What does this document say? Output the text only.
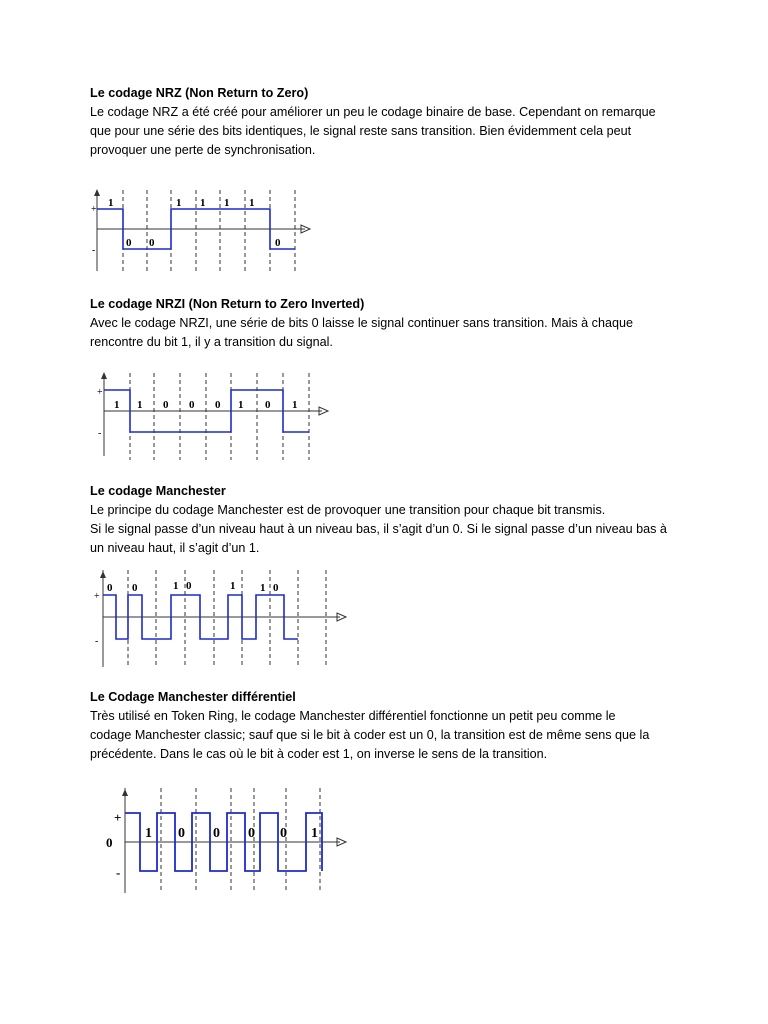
Le codage NRZ (Non Return to Zero)

Le codage NRZ a été créé pour améliorer un peu le codage binaire de base. Cependant on remarque
que pour une série des bits identiques, le signal reste sans transition. Bien évidemment cela peut
provoquer une perte de synchronisation.

+
-
1
0 0
1 1 1 1
0
Le codage NRZI (Non Return to Zero Inverted)

Avec le codage NRZI, une série de bits 0 laisse le signal continuer sans transition. Mais à chaque
rencontre du bit 1, il y a transition du signal.

+
-
1 1 0 0 0 1 0 1
Le codage Manchester

Le principe du codage Manchester est de provoquer une transition pour chaque bit transmis.
Si le signal passe d’un niveau haut à un niveau bas, il s’agit d’un 0. Si le signal passe d’un niveau bas à
un niveau haut, il s’agit d’un 1.

+
-
0 0	1 0	1 1 0
Le Codage Manchester différentiel

Très utilisé en Token Ring, le codage Manchester différentiel fonctionne un petit peu comme le
codage Manchester classic; sauf que si le bit à coder est un 0, la transition est de même sens que la
précédente. Dans le cas où le bit à coder est 1, on inverse le sens de la transition.

+
0
-
1 0 0 0 0 1
